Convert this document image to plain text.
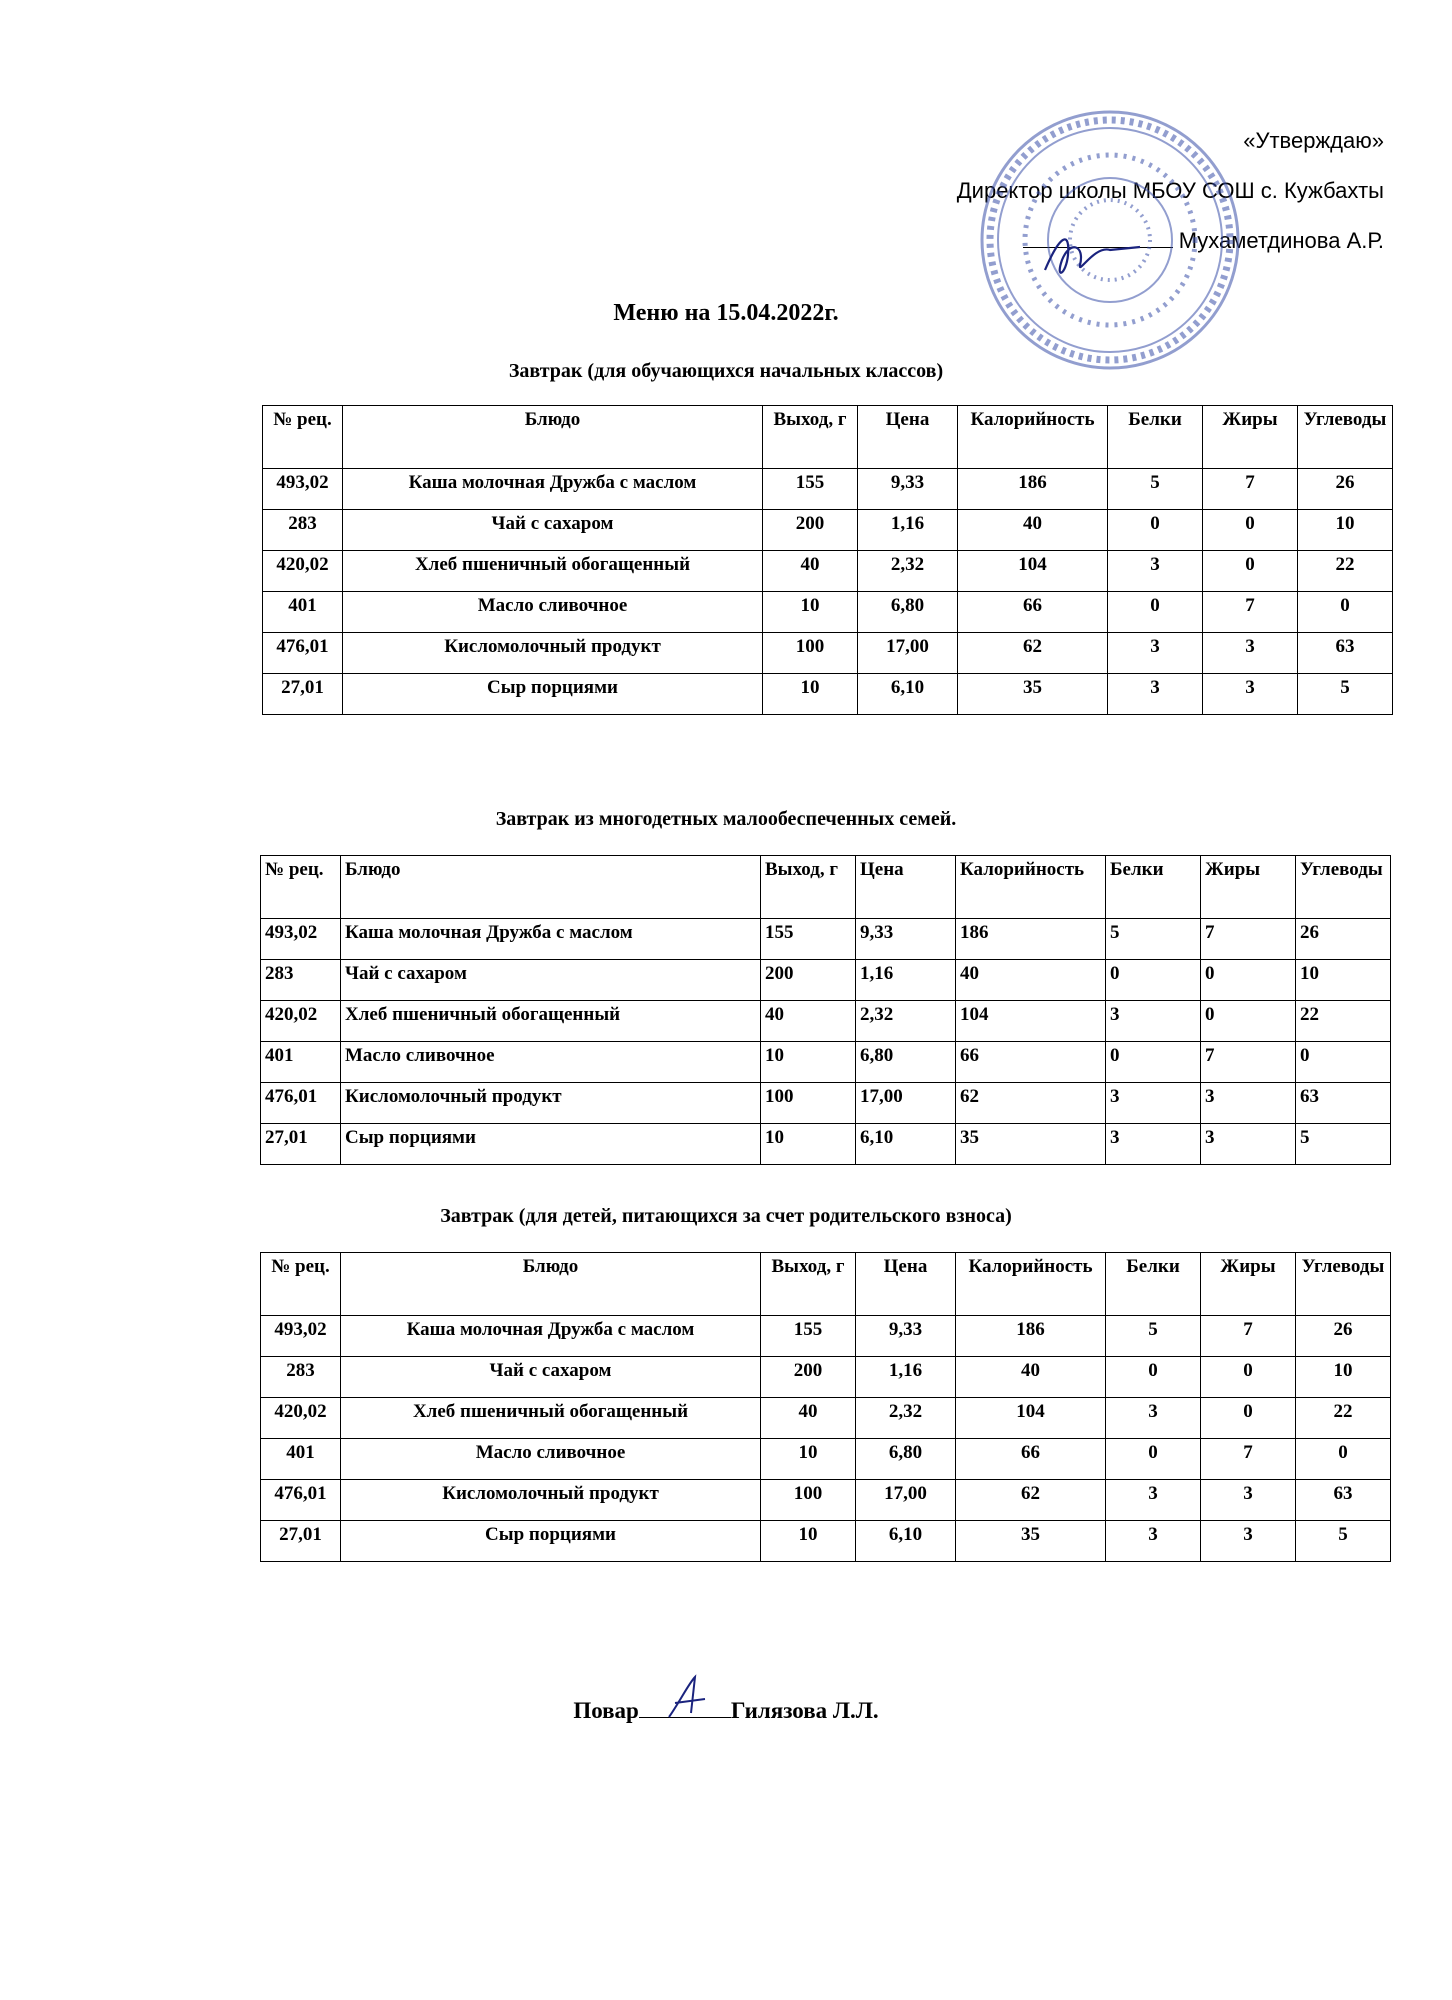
«Утверждаю»
Директор школы МБОУ СОШ с. Кужбахты
Мухаметдинова А.Р.
Меню на 15.04.2022г.
Завтрак (для обучающихся начальных классов)
№ рец.	Блюдо	Выход, г	Цена	Калорийность	Белки	Жиры	Углеводы
493,02	Каша молочная Дружба с маслом	155	9,33	186	5	7	26
283	Чай с сахаром	200	1,16	40	0	0	10
420,02	Хлеб пшеничный обогащенный	40	2,32	104	3	0	22
401	Масло сливочное	10	6,80	66	0	7	0
476,01	Кисломолочный продукт	100	17,00	62	3	3	63
27,01	Сыр порциями	10	6,10	35	3	3	5
Завтрак из многодетных малообеспеченных семей.
№ рец.	Блюдо	Выход, г	Цена	Калорийность	Белки	Жиры	Углеводы
493,02	Каша молочная Дружба с маслом	155	9,33	186	5	7	26
283	Чай с сахаром	200	1,16	40	0	0	10
420,02	Хлеб пшеничный обогащенный	40	2,32	104	3	0	22
401	Масло сливочное	10	6,80	66	0	7	0
476,01	Кисломолочный продукт	100	17,00	62	3	3	63
27,01	Сыр порциями	10	6,10	35	3	3	5
Завтрак (для детей, питающихся за счет родительского взноса)
№ рец.	Блюдо	Выход, г	Цена	Калорийность	Белки	Жиры	Углеводы
493,02	Каша молочная Дружба с маслом	155	9,33	186	5	7	26
283	Чай с сахаром	200	1,16	40	0	0	10
420,02	Хлеб пшеничный обогащенный	40	2,32	104	3	0	22
401	Масло сливочное	10	6,80	66	0	7	0
476,01	Кисломолочный продукт	100	17,00	62	3	3	63
27,01	Сыр порциями	10	6,10	35	3	3	5
Повар	Гилязова Л.Л.
